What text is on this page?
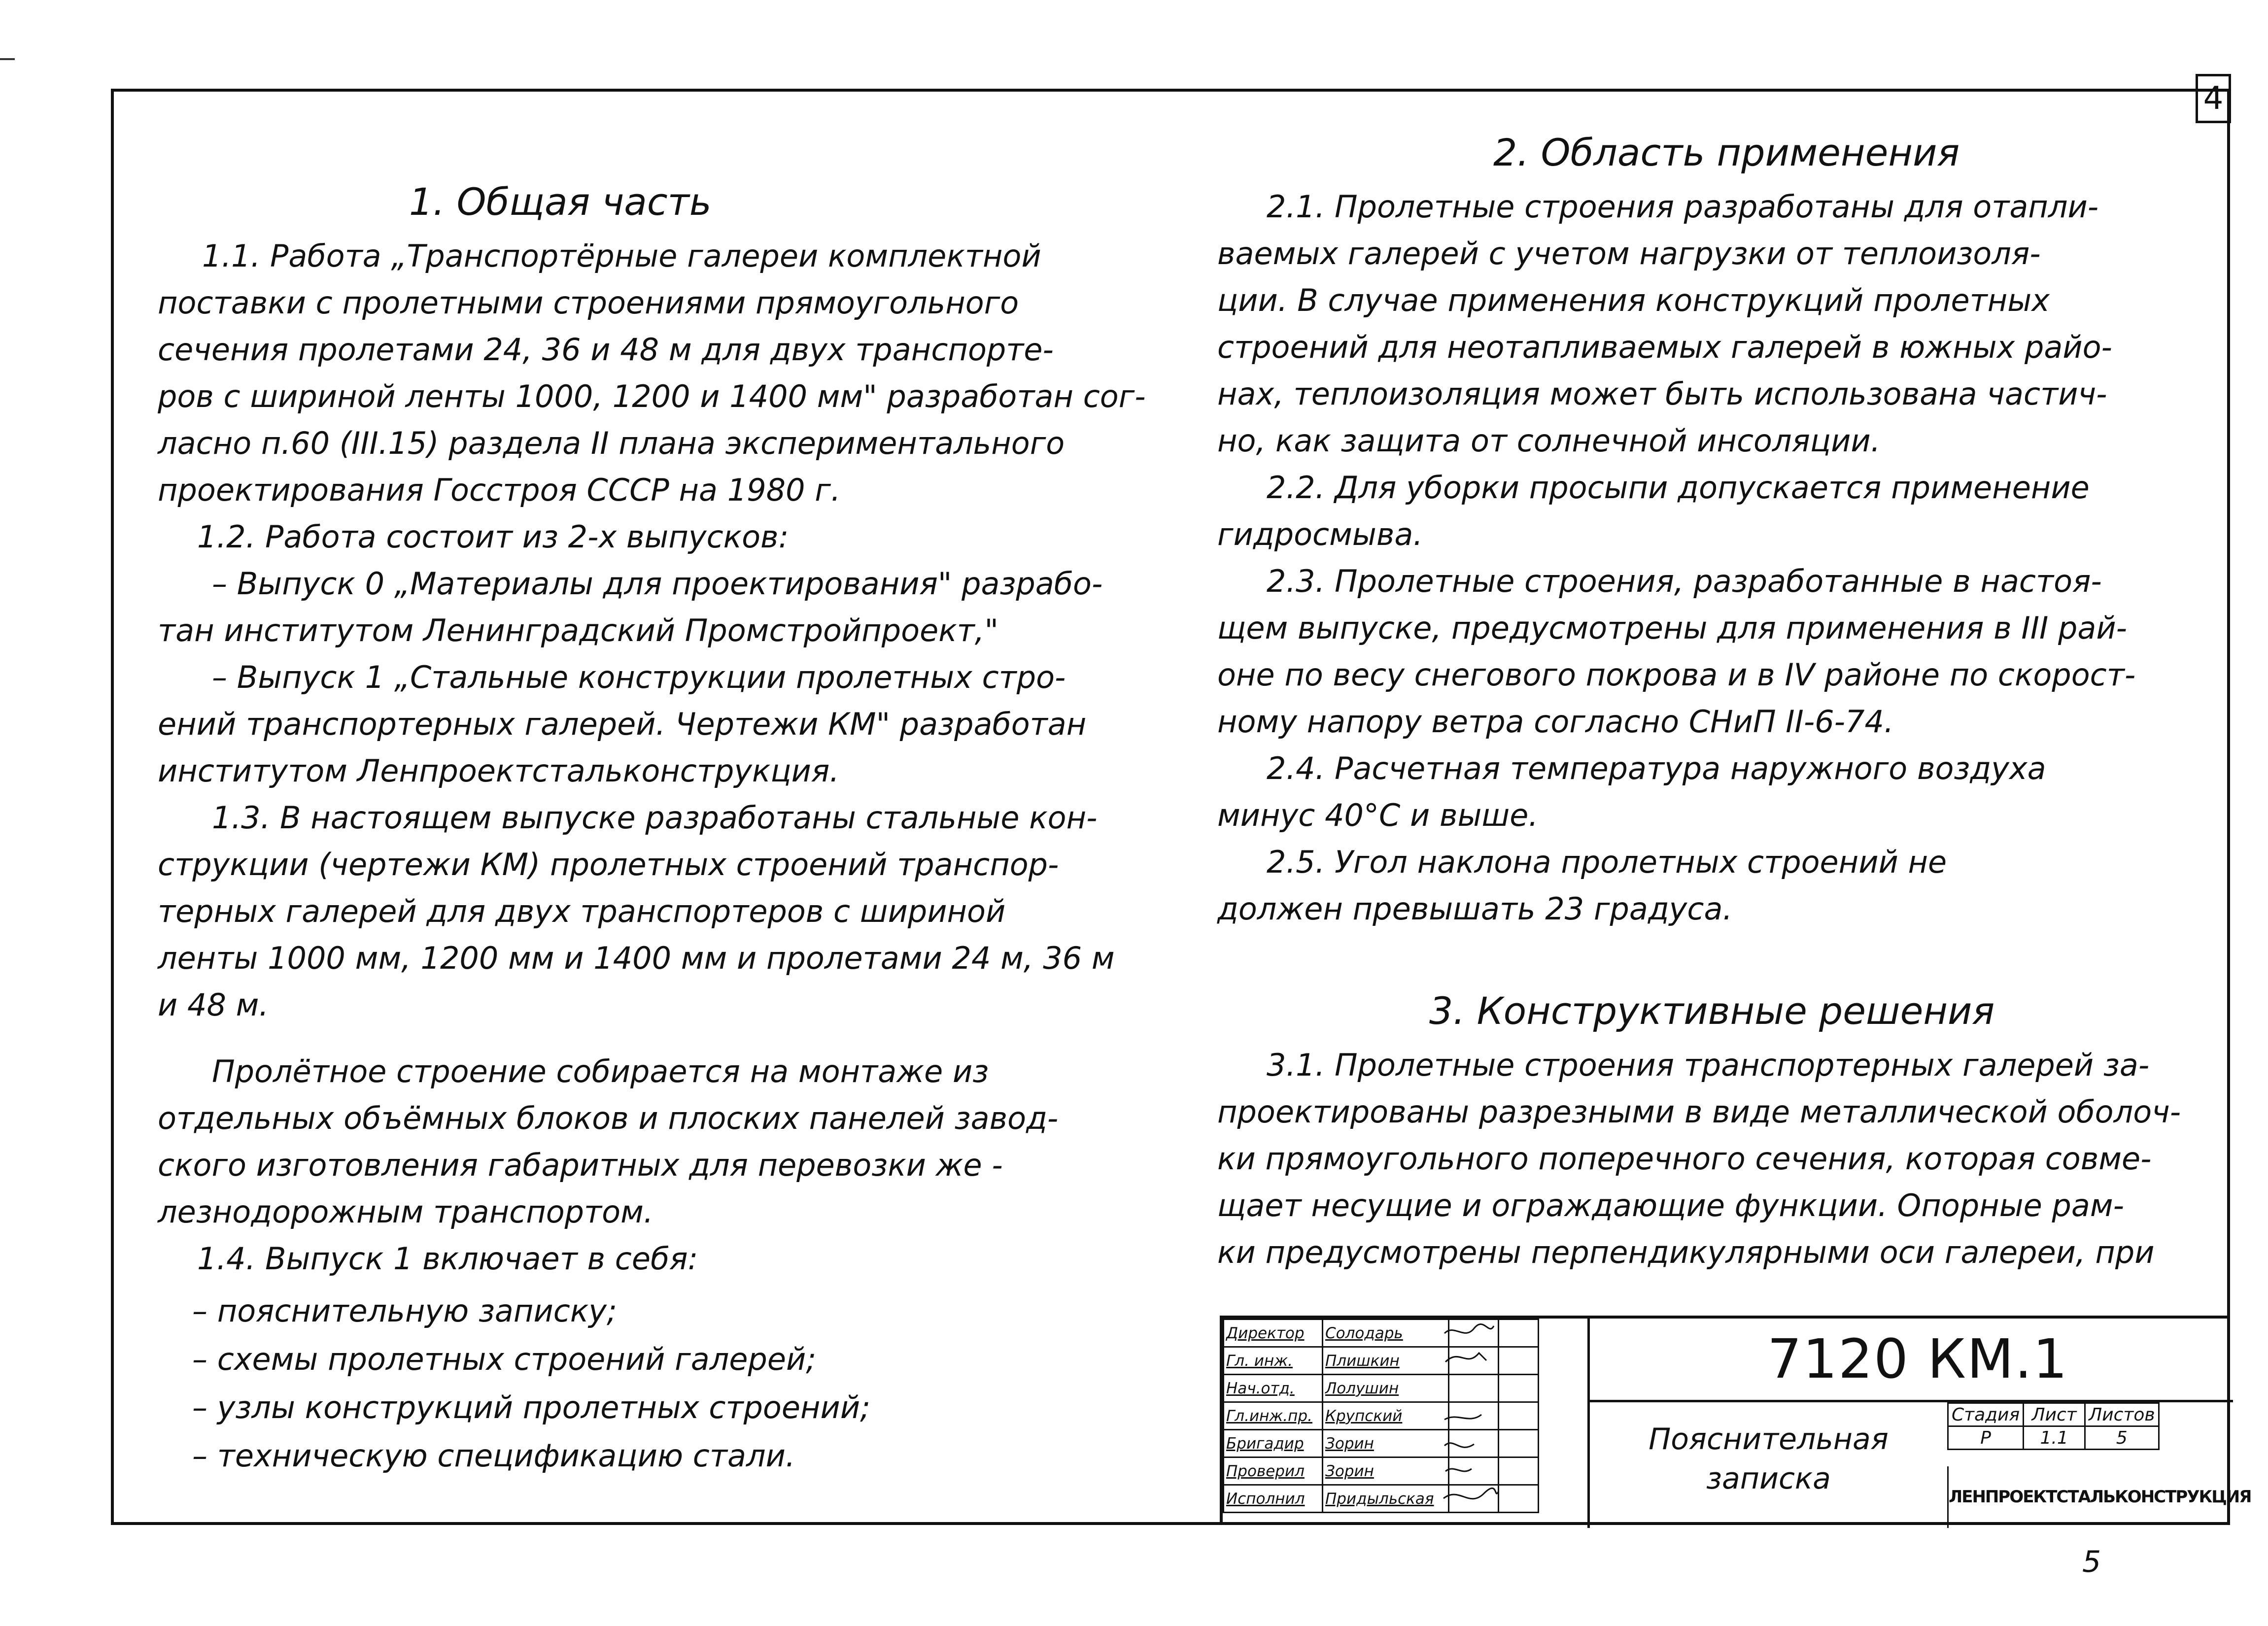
4
1. Общая часть
1.1. Работа „Транспортёрные галереи комплектной
поставки с пролетными строениями прямоугольного
сечения пролетами 24, 36 и 48 м для двух транспорте-
ров с шириной ленты 1000, 1200 и 1400 мм" разработан сог-
ласно п.60 (III.15) раздела II плана экспериментального
проектирования Госстроя СССР на 1980 г.
1.2. Работа состоит из 2-х выпусков:
– Выпуск 0 „Материалы для проектирования" разрабо-
тан институтом Ленинградский Промстройпроект,"
– Выпуск 1 „Стальные конструкции пролетных стро-
ений транспортерных галерей. Чертежи КМ" разработан
институтом Ленпроектстальконструкция.
1.3. В настоящем выпуске разработаны стальные кон-
струкции (чертежи КМ) пролетных строений транспор-
терных галерей для двух транспортеров с шириной
ленты 1000 мм, 1200 мм и 1400 мм и пролетами 24 м, 36 м
и 48 м.
Пролётное строение собирается на монтаже из
отдельных объёмных блоков и плоских панелей завод-
ского изготовления габаритных для перевозки же -
лезнодорожным транспортом.
1.4. Выпуск 1 включает в себя:
– пояснительную записку;
– схемы пролетных строений галерей;
– узлы конструкций пролетных строений;
– техническую спецификацию стали.
2. Область применения
2.1. Пролетные строения разработаны для отапли-
ваемых галерей с учетом нагрузки от теплоизоля-
ции. В случае применения конструкций пролетных
строений для неотапливаемых галерей в южных райо-
нах, теплоизоляция может быть использована частич-
но, как защита от солнечной инсоляции.
2.2. Для уборки просыпи допускается применение
гидросмыва.
2.3. Пролетные строения, разработанные в настоя-
щем выпуске, предусмотрены для применения в III рай-
оне по весу снегового покрова и в IV районе по скорост-
ному напору ветра согласно СНиП II-6-74.
2.4. Расчетная температура наружного воздуха
минус 40°С и выше.
2.5. Угол наклона пролетных строений не
должен превышать 23 градуса.
3. Конструктивные решения
3.1. Пролетные строения транспортерных галерей за-
проектированы разрезными в виде металлической оболоч-
ки прямоугольного поперечного сечения, которая совме-
щает несущие и ограждающие функции. Опорные рам-
ки предусмотрены перпендикулярными оси галереи, при
Директор	Солодарь		
Гл. инж.	Плишкин		
Нач.отд.	Лолушин		
Гл.инж.пр.	Крупский		
Бригадир	Зорин		
Проверил	Зорин		
Исполнил	Придыльская		
7120 КМ.1
Пояснительная
записка
Стадия	Лист	Листов
Р	1.1	5
ЛЕНПРОЕКТСТАЛЬКОНСТРУКЦИЯ
5
